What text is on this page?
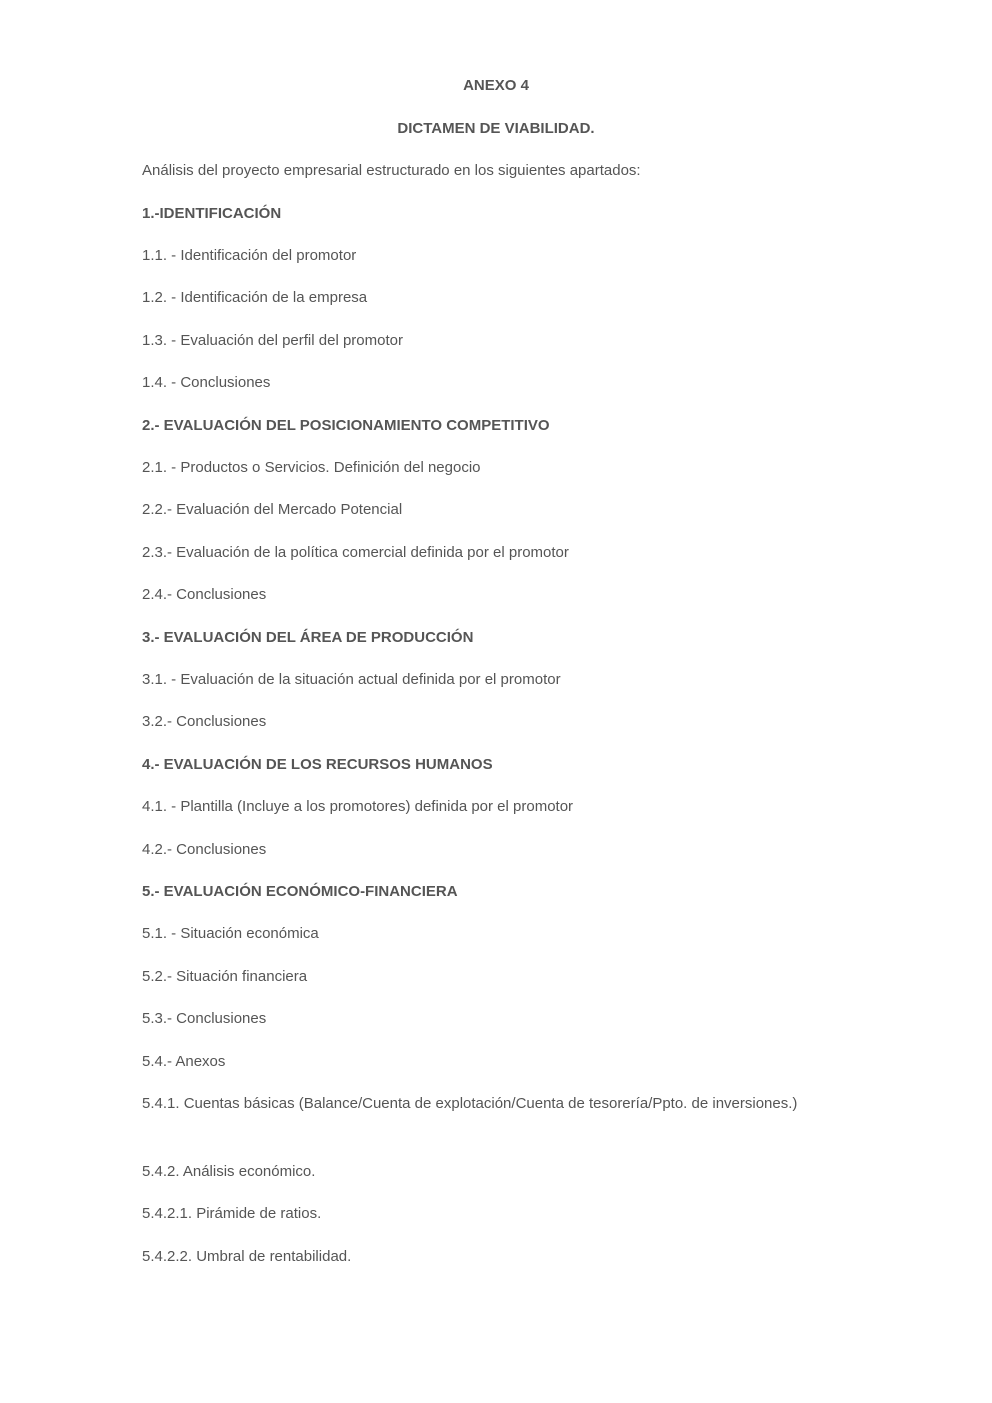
ANEXO 4
DICTAMEN DE VIABILIDAD.
Análisis del proyecto empresarial estructurado en los siguientes apartados:
1.-IDENTIFICACIÓN
1.1. - Identificación del promotor
1.2. - Identificación de la empresa
1.3. - Evaluación del perfil del promotor
1.4. - Conclusiones
2.- EVALUACIÓN DEL POSICIONAMIENTO COMPETITIVO
2.1. - Productos o Servicios. Definición del negocio
2.2.- Evaluación del Mercado Potencial
2.3.- Evaluación de la política comercial definida por el promotor
2.4.- Conclusiones
3.- EVALUACIÓN DEL ÁREA DE PRODUCCIÓN
3.1. - Evaluación de la situación actual definida por el promotor
3.2.- Conclusiones
4.- EVALUACIÓN DE LOS RECURSOS HUMANOS
4.1. - Plantilla (Incluye a los promotores) definida por el promotor
4.2.- Conclusiones
5.- EVALUACIÓN ECONÓMICO-FINANCIERA
5.1. - Situación económica
5.2.- Situación financiera
5.3.- Conclusiones
5.4.- Anexos
5.4.1. Cuentas básicas (Balance/Cuenta de explotación/Cuenta de tesorería/Ppto. de inversiones.)
5.4.2. Análisis económico.
5.4.2.1. Pirámide de ratios.
5.4.2.2. Umbral de rentabilidad.
